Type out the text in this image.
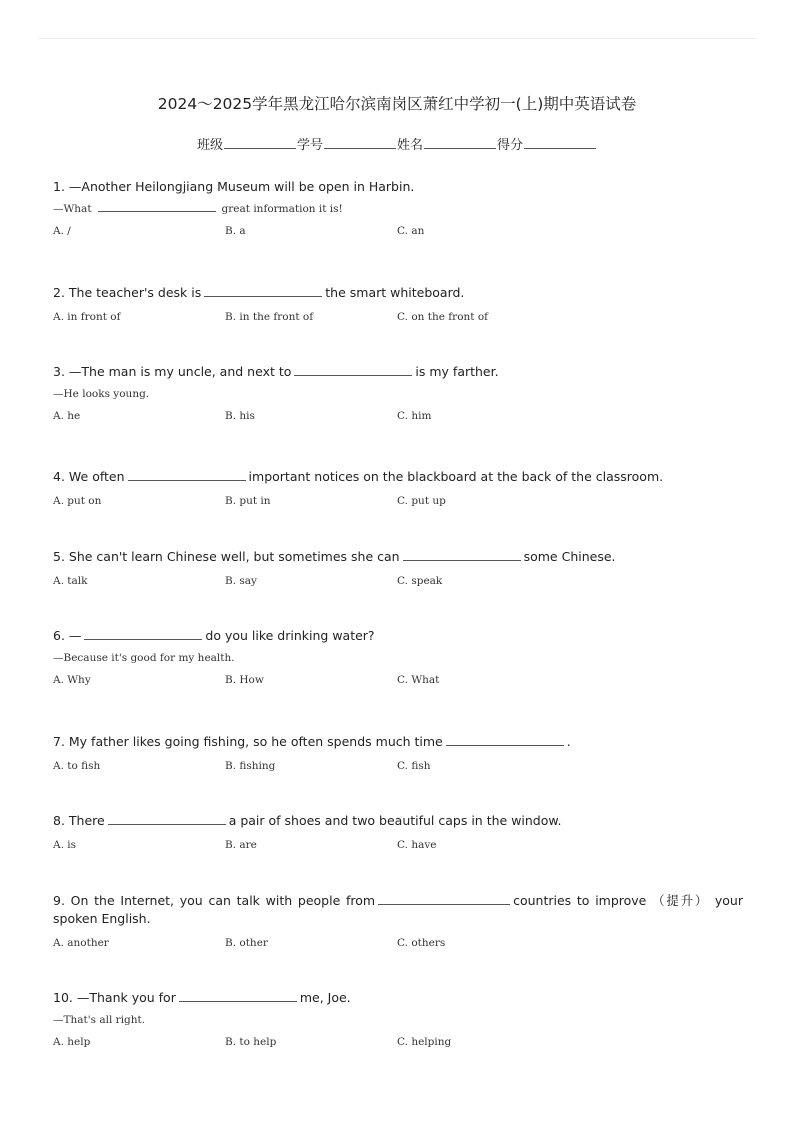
2024～2025学年黑龙江哈尔滨南岗区萧红中学初一(上)期中英语试卷
班级	学号	姓名	得分
1. —Another Heilongjiang Museum will be open in Harbin.
—What	great information it is!
A. /	B. a	C. an
2. The teacher's desk is	the smart whiteboard.
A. in front of	B. in the front of	C. on the front of
3. —The man is my uncle, and next to	is my farther.
—He looks young.
A. he	B. his	C. him
4. We often	important notices on the blackboard at the back of the classroom.
A. put on	B. put in	C. put up
5. She can't learn Chinese well, but sometimes she can	some Chinese.
A. talk	B. say	C. speak
6. —	do you like drinking water?
—Because it's good for my health.
A. Why	B. How	C. What
7. My father likes going fishing, so he often spends much time	.
A. to fish	B. fishing	C. fish
8. There	a pair of shoes and two beautiful caps in the window.
A. is	B. are	C. have
9. On the Internet, you can talk with people from	countries to improve （提升） your spoken English.
A. another	B. other	C. others
10. —Thank you for	me, Joe.
—That's all right.
A. help	B. to help	C. helping
